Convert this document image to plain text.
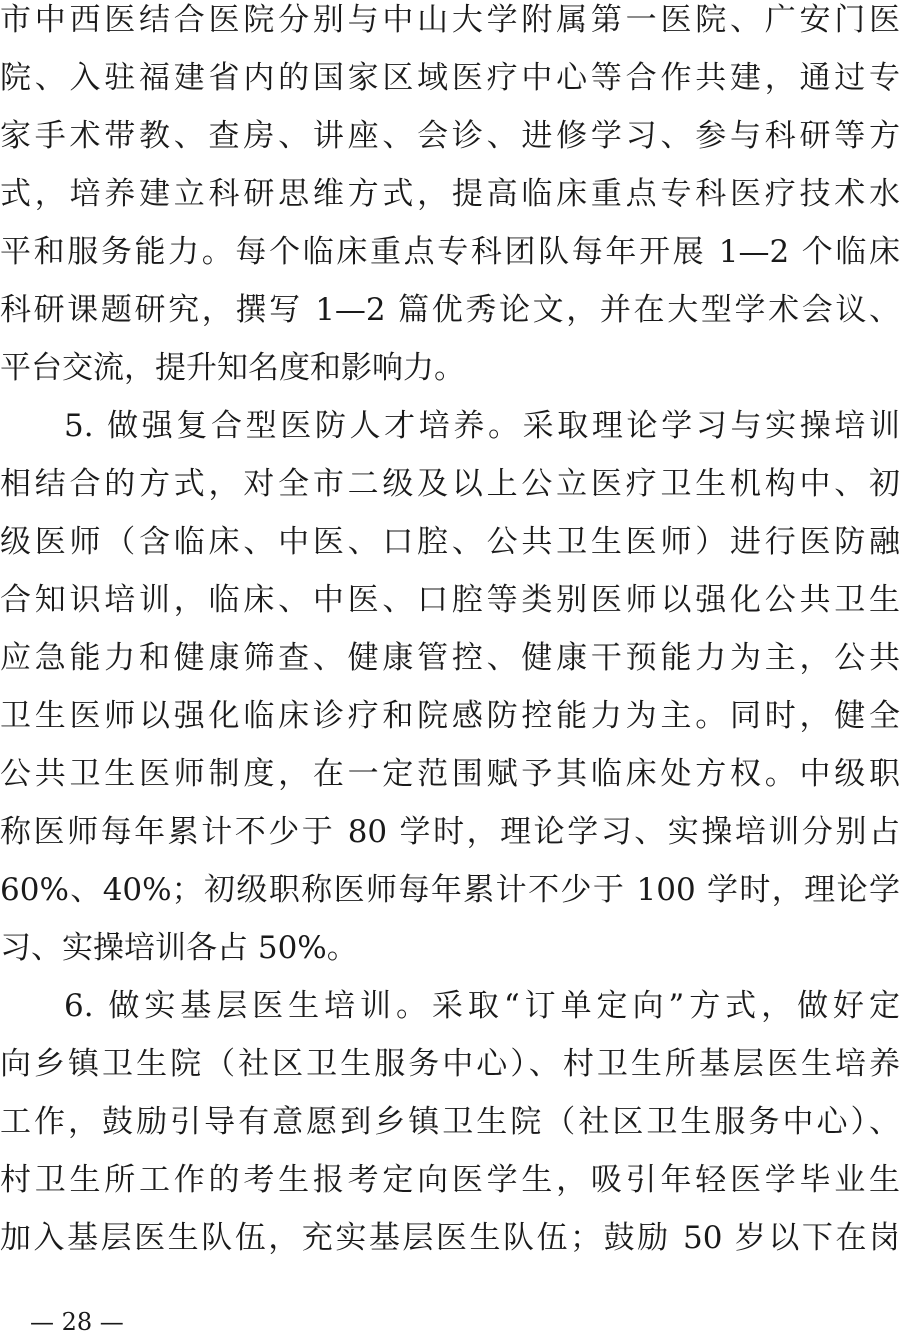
市中西医结合医院分别与中山大学附属第一医院、广安门医
院、入驻福建省内的国家区域医疗中心等合作共建，通过专
家手术带教、查房、讲座、会诊、进修学习、参与科研等方
式，培养建立科研思维方式，提高临床重点专科医疗技术水
平和服务能力。每个临床重点专科团队每年开展 1—2 个临床
科研课题研究，撰写 1—2 篇优秀论文，并在大型学术会议、
平台交流，提升知名度和影响力。
5. 做强复合型医防人才培养。采取理论学习与实操培训
相结合的方式，对全市二级及以上公立医疗卫生机构中、初
级医师（含临床、中医、口腔、公共卫生医师）进行医防融
合知识培训，临床、中医、口腔等类别医师以强化公共卫生
应急能力和健康筛查、健康管控、健康干预能力为主，公共
卫生医师以强化临床诊疗和院感防控能力为主。同时，健全
公共卫生医师制度，在一定范围赋予其临床处方权。中级职
称医师每年累计不少于 80 学时，理论学习、实操培训分别占
60%、40%；初级职称医师每年累计不少于 100 学时，理论学
习、实操培训各占 50%。
6. 做实基层医生培训。采取“订单定向”方式，做好定
向乡镇卫生院（社区卫生服务中心）、村卫生所基层医生培养
工作，鼓励引导有意愿到乡镇卫生院（社区卫生服务中心）、
村卫生所工作的考生报考定向医学生，吸引年轻医学毕业生
加入基层医生队伍，充实基层医生队伍；鼓励 50 岁以下在岗
— 28 —
